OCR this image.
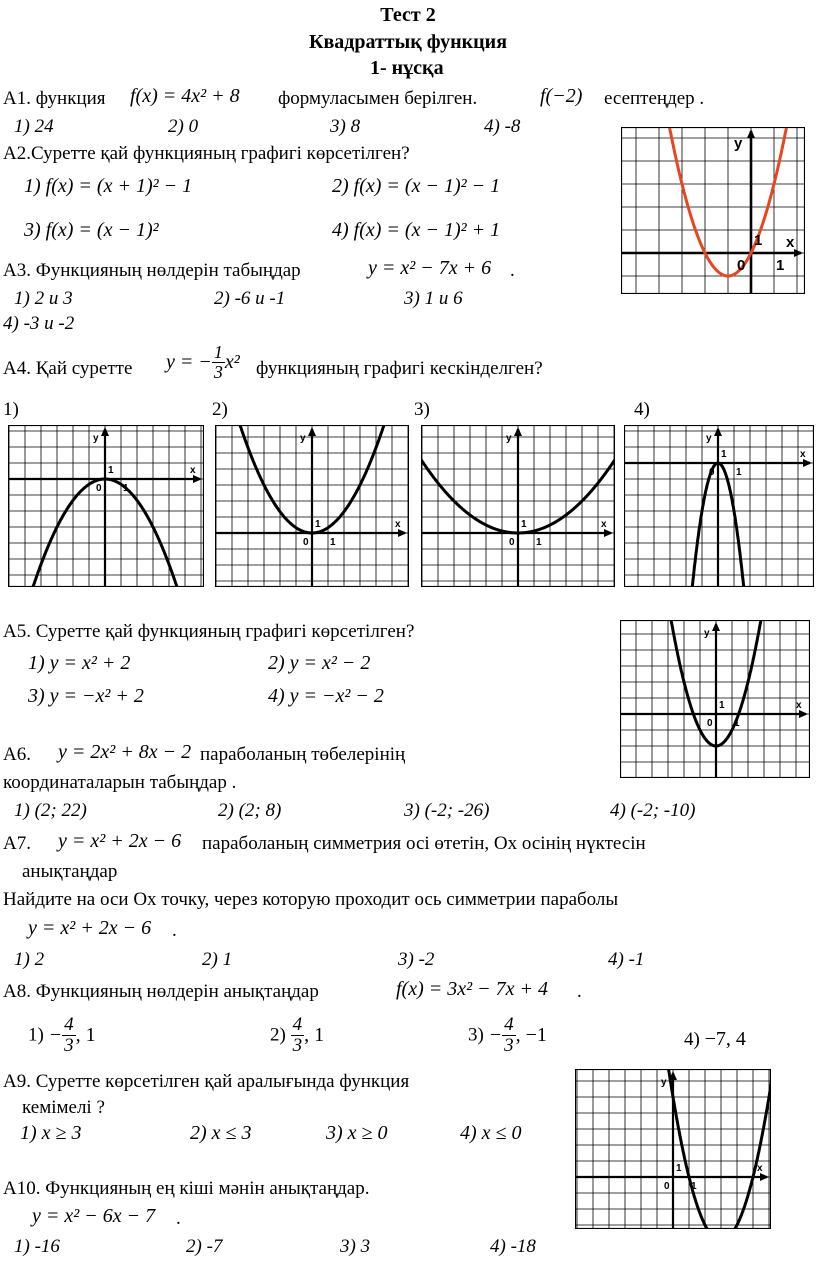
Тест 2
Квадраттық функция
1- нұсқа
А1. функция f(x) = 4x² + 8 формуласымен берілген.	f(−2) есептеңдер .
1) 24	2) 0	3) 8	4) -8
А2.Суретте қай функцияның графигі көрсетілген?
1) f(x) = (x + 1)² − 1	2) f(x) = (x − 1)² − 1
3) f(x) = (x − 1)²	4) f(x) = (x − 1)² + 1
y
x
1
0 1
А3. Функцияның нөлдерін табыңдар	y = x² − 7x + 6 .
1) 2 и 3	2) -6 и -1	3) 1 и 6
4) -3 и -2
А4. Қай суретте y = − $\frac{1}{3} x^2$ функцияның графигі кескінделген?
1)	2)	3)	4)
y
x
1
0 1
y
x
1
0 1
y
x
1
0 1
y
x
1
0 1
А5. Суретте қай функцияның графигі көрсетілген?
1) y = x² + 2	2) y = x² − 2
3) y = −x² + 2	4) y = −x² − 2
y
x
1
0 1
А6. y = 2x² + 8x − 2 параболаның төбелерінің
координаталарын табыңдар .
1) (2; 22)	2) (2; 8)	3) (-2; -26)	4) (-2; -10)
А7. y = x² + 2x − 6 параболаның симметрия осі өтетін, Ох осінің нүктесін
анықтаңдар
Найдите на оси Ох точку, через которую проходит ось симметрии параболы
y = x² + 2x − 6 .
1) 2	2) 1	3) -2	4) -1
А8. Функцияның нөлдерін анықтаңдар	f(x) = 3x² − 7x + 4 .
$1) - \frac{4}{3}$ , 1	$2) \frac{4}{3}$ , 1	$3) - \frac{4}{3}$ , −1	4) −7, 4
А9. Суретте көрсетілген қай аралығында функция
кемімелі ?
1) x ≥ 3	2) x ≤ 3	3) x ≥ 0	4) x ≤ 0
y
x
1
0 1
А10. Функцияның ең кіші мәнін анықтаңдар.
y = x² − 6x − 7 .
1) -16	2) -7	3) 3	4) -18
